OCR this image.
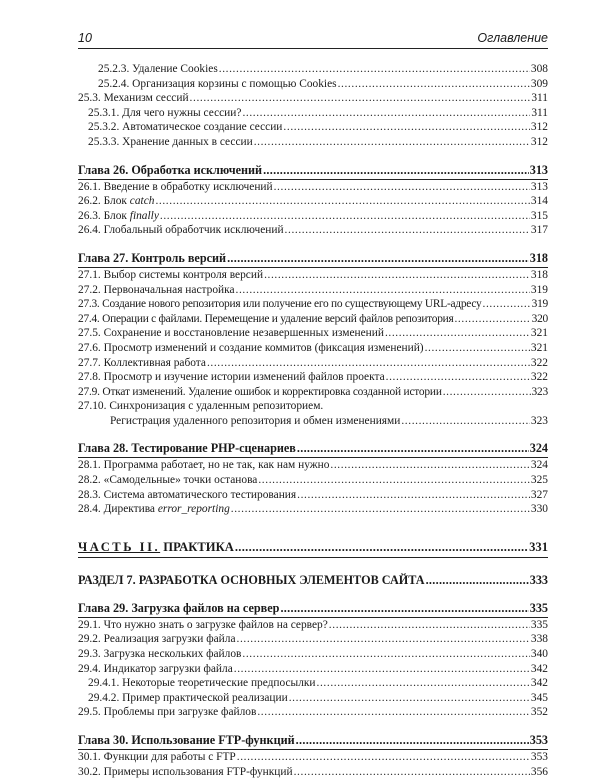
10	Оглавление
25.2.3. Удаление Cookies .....	308
25.2.4. Организация корзины с помощью Cookies .....	309
25.3. Механизм сессий .....	311
25.3.1. Для чего нужны сессии? .....	311
25.3.2. Автоматическое создание сессии .....	312
25.3.3. Хранение данных в сессии .....	312
Глава 26. Обработка исключений .....	313
26.1. Введение в обработку исключений .....	313
26.2. Блок catch .....	314
26.3. Блок finally .....	315
26.4. Глобальный обработчик исключений .....	317
Глава 27. Контроль версий .....	318
27.1. Выбор системы контроля версий .....	318
27.2. Первоначальная настройка .....	319
27.3. Создание нового репозитория или получение его по существующему URL-адресу .....	319
27.4. Операции с файлами. Перемещение и удаление версий файлов репозитория .....	320
27.5. Сохранение и восстановление незавершенных изменений .....	321
27.6. Просмотр изменений и создание коммитов (фиксация изменений) .....	321
27.7. Коллективная работа .....	322
27.8. Просмотр и изучение истории изменений файлов проекта .....	322
27.9. Откат изменений. Удаление ошибок и корректировка созданной истории .....	323
27.10. Синхронизация с удаленным репозиторием.
Регистрация удаленного репозитория и обмен изменениями .....	323
Глава 28. Тестирование PHP-сценариев .....	324
28.1. Программа работает, но не так, как нам нужно .....	324
28.2. «Самодельные» точки останова .....	325
28.3. Система автоматического тестирования .....	327
28.4. Директива error_reporting .....	330
ЧАСТЬ II. ПРАКТИКА .....	331
РАЗДЕЛ 7. РАЗРАБОТКА ОСНОВНЫХ ЭЛЕМЕНТОВ САЙТА .....	333
Глава 29. Загрузка файлов на сервер .....	335
29.1. Что нужно знать о загрузке файлов на сервер? .....	335
29.2. Реализация загрузки файла .....	338
29.3. Загрузка нескольких файлов .....	340
29.4. Индикатор загрузки файла .....	342
29.4.1. Некоторые теоретические предпосылки .....	342
29.4.2. Пример практической реализации .....	345
29.5. Проблемы при загрузке файлов .....	352
Глава 30. Использование FTP-функций .....	353
30.1. Функции для работы с FTP .....	353
30.2. Примеры использования FTP-функций .....	356
